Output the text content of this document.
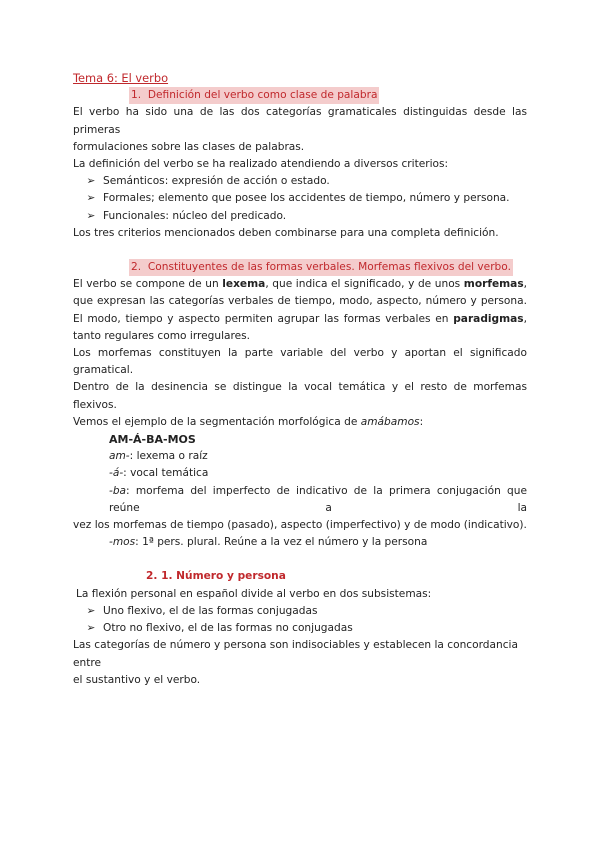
Tema 6: El verbo
1. Definición del verbo como clase de palabra

El verbo ha sido una de las dos categorías gramaticales distinguidas desde las primeras

formulaciones sobre las clases de palabras.

La definición del verbo se ha realizado atendiendo a diversos criterios:

➢ Semánticos: expresión de acción o estado.
➢ Formales; elemento que posee los accidentes de tiempo, número y persona.
➢ Funcionales: núcleo del predicado.

Los tres criterios mencionados deben combinarse para una completa definición.

2. Constituyentes de las formas verbales. Morfemas flexivos del verbo.

El verbo se compone de un lexema, que indica el significado, y de unos morfemas, que expresan las categorías verbales de tiempo, modo, aspecto, número y persona. El modo, tiempo y aspecto permiten agrupar las formas verbales en paradigmas, tanto regulares como irregulares.

Los morfemas constituyen la parte variable del verbo y aportan el significado gramatical.

Dentro de la desinencia se distingue la vocal temática y el resto de morfemas flexivos.

Vemos el ejemplo de la segmentación morfológica de amábamos:

AM-Á-BA-MOS

am-: lexema o raíz

-á-: vocal temática

-ba: morfema del imperfecto de indicativo de la primera conjugación que reúne a la

vez los morfemas de tiempo (pasado), aspecto (imperfectivo) y de modo (indicativo).

-mos: 1ª pers. plural. Reúne a la vez el número y la persona

2. 1. Número y persona

La flexión personal en español divide al verbo en dos subsistemas:

➢ Uno flexivo, el de las formas conjugadas
➢ Otro no flexivo, el de las formas no conjugadas

Las categorías de número y persona son indisociables y establecen la concordancia entre

el sustantivo y el verbo.
